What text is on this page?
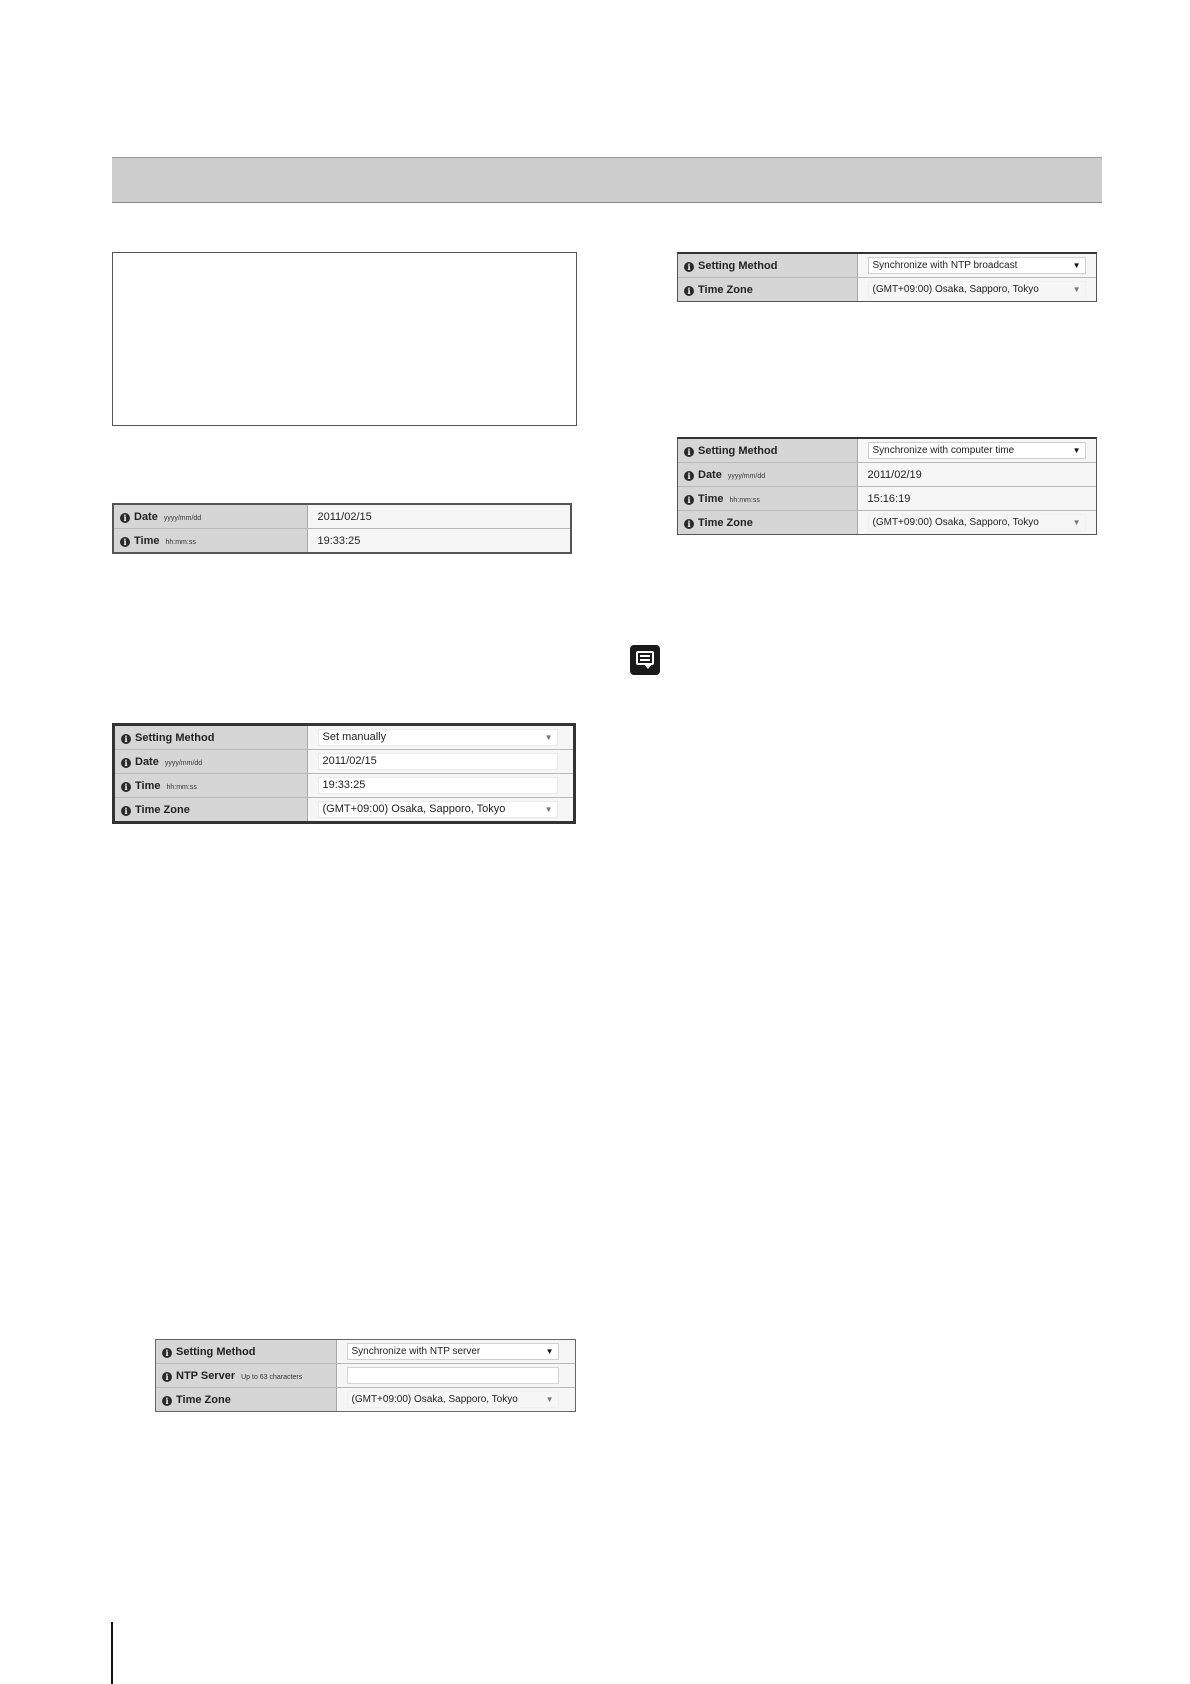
i Date yyyy/mm/dd	2011/02/15
i Time hh:mm:ss	19:33:25
i Setting Method	Synchronize with NTP broadcast ▼

i Time Zone	(GMT+09:00) Osaka, Sapporo, Tokyo ▼
i Setting Method	Synchronize with computer time ▼

i Date yyyy/mm/dd	2011/02/19
i Time hh:mm:ss	15:16:19
i Time Zone	(GMT+09:00) Osaka, Sapporo, Tokyo ▼
i Setting Method	Set manually ▼

i Date yyyy/mm/dd	2011/02/15
i Time hh:mm:ss	19:33:25
i Time Zone	(GMT+09:00) Osaka, Sapporo, Tokyo ▼
i Setting Method	Synchronize with NTP server ▼

i NTP Server Up to 63 characters	
i Time Zone	(GMT+09:00) Osaka, Sapporo, Tokyo ▼
